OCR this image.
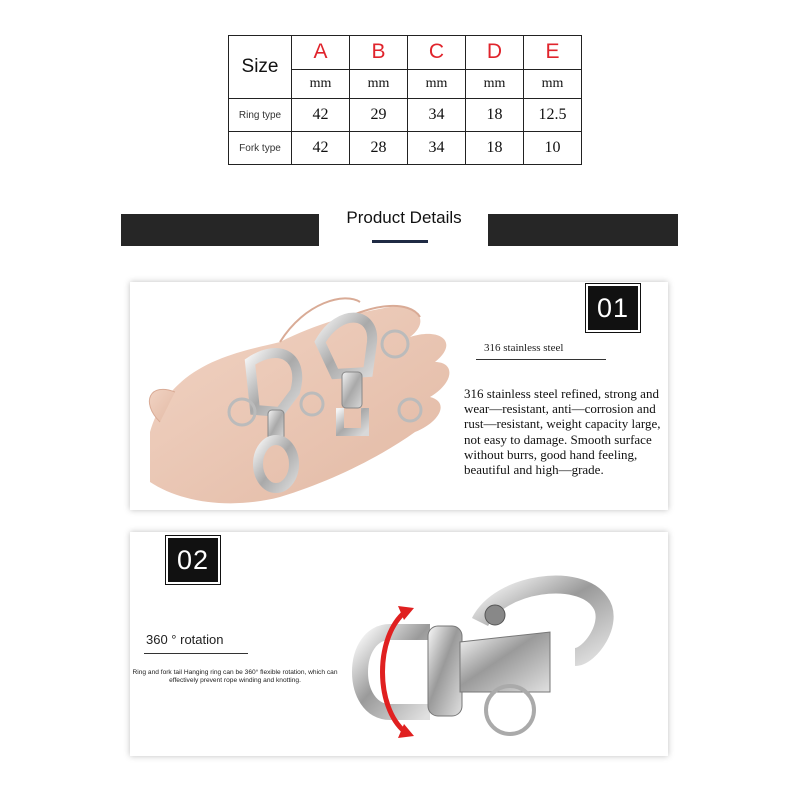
Size	A	B	C	D	E
	mm	mm	mm	mm	mm
Ring type	42	29	34	18	12.5
Fork type	42	28	34	18	10
Product Details
01
316 stainless steel
316 stainless steel refined, strong and wear—resistant, anti—corrosion and rust—resistant, weight capacity large, not easy to damage. Smooth surface without burrs, good hand feeling, beautiful and high—grade.
02
360 ° rotation
Ring and fork tail Hanging ring can be 360° flexible rotation, which can effectively prevent rope winding and knotting.
